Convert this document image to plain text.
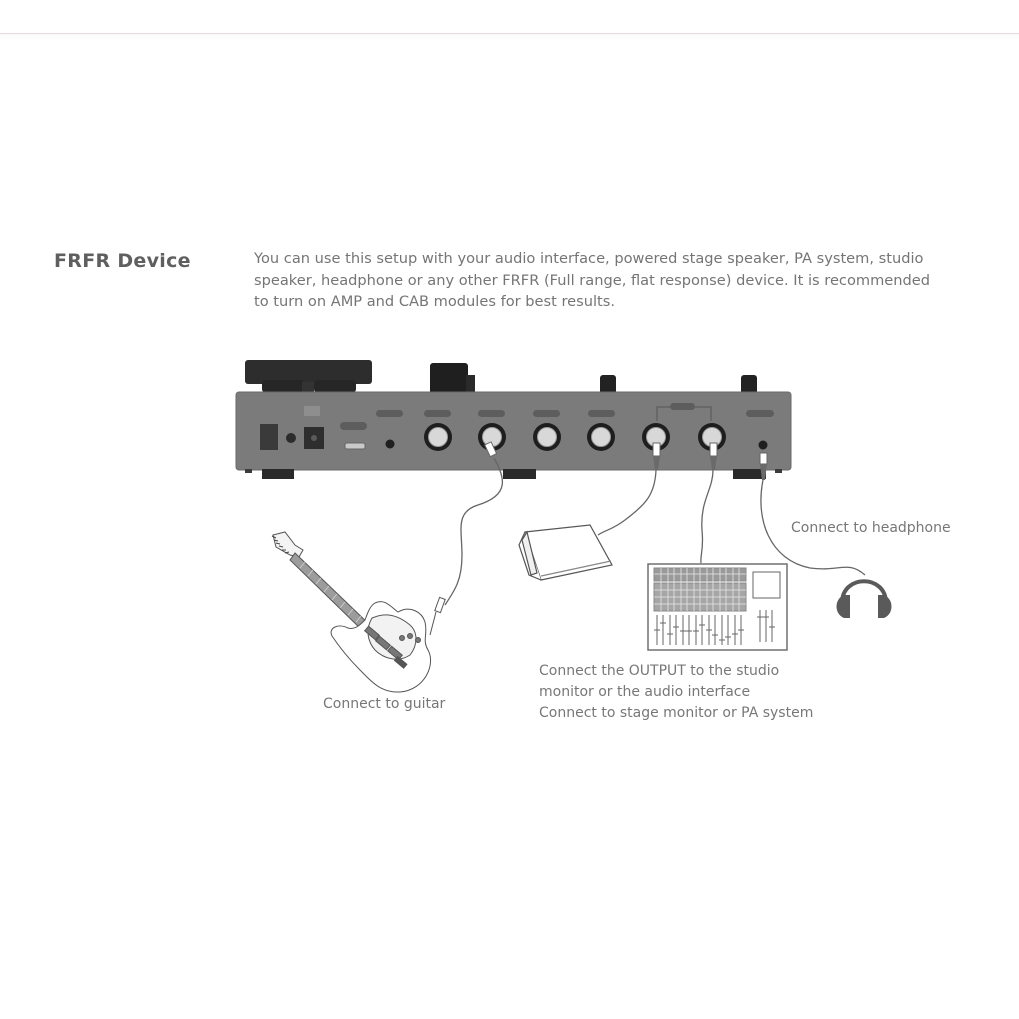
FRFR Device	You can use this setup with your audio interface, powered stage speaker, PA system, studio
speaker, headphone or any other FRFR (Full range, flat response) device. It is recommended
to turn on AMP and CAB modules for best results.
Connect to headphone
Connect to guitar
Connect the OUTPUT to the studio
monitor or the audio interface
Connect to stage monitor or PA system
